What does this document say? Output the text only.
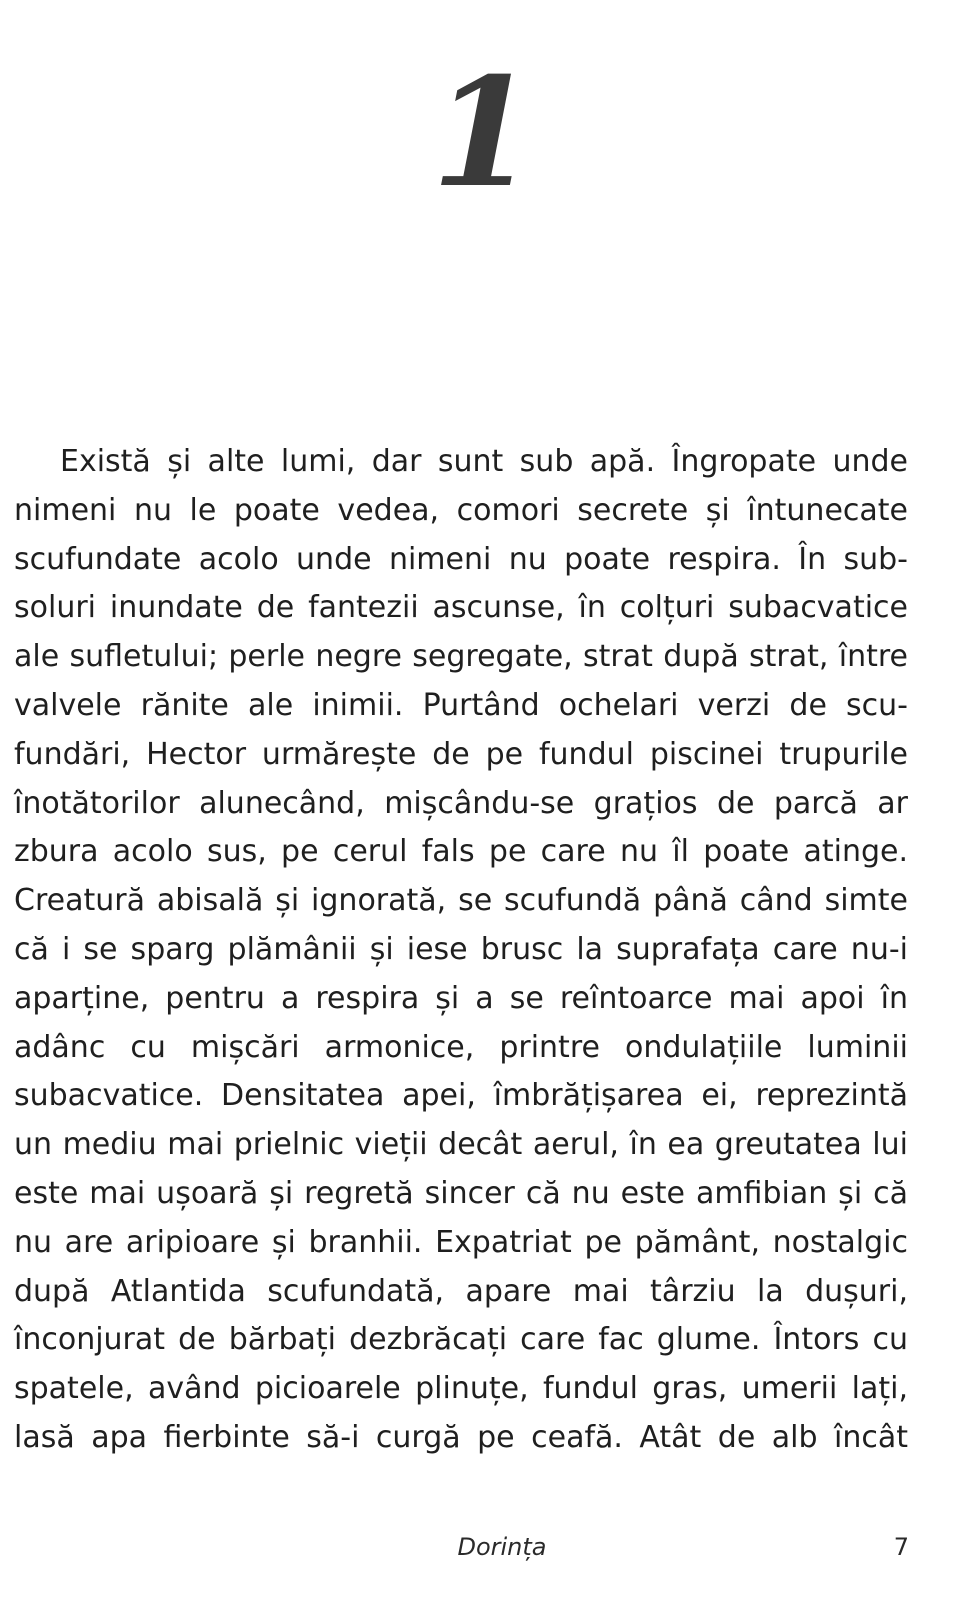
1
Există și alte lumi, dar sunt sub apă. Îngropate unde
nimeni nu le poate vedea, comori secrete și întunecate
scufundate acolo unde nimeni nu poate respira. În sub-
soluri inundate de fantezii ascunse, în colțuri subacvatice
ale sufletului; perle negre segregate, strat după strat, între
valvele rănite ale inimii. Purtând ochelari verzi de scu-
fundări, Hector urmărește de pe fundul piscinei trupurile
înotătorilor alunecând, mișcându-se grațios de parcă ar
zbura acolo sus, pe cerul fals pe care nu îl poate atinge.
Creatură abisală și ignorată, se scufundă până când simte
că i se sparg plămânii și iese brusc la suprafața care nu-i
aparține, pentru a respira și a se reîntoarce mai apoi în
adânc cu mișcări armonice, printre ondulațiile luminii
subacvatice. Densitatea apei, îmbrățișarea ei, reprezintă
un mediu mai prielnic vieții decât aerul, în ea greutatea lui
este mai ușoară și regretă sincer că nu este amfibian și că
nu are aripioare și branhii. Expatriat pe pământ, nostalgic
după Atlantida scufundată, apare mai târziu la dușuri,
înconjurat de bărbați dezbrăcați care fac glume. Întors cu
spatele, având picioarele plinuțe, fundul gras, umerii lați,
lasă apa fierbinte să-i curgă pe ceafă. Atât de alb încât
Dorința	7
